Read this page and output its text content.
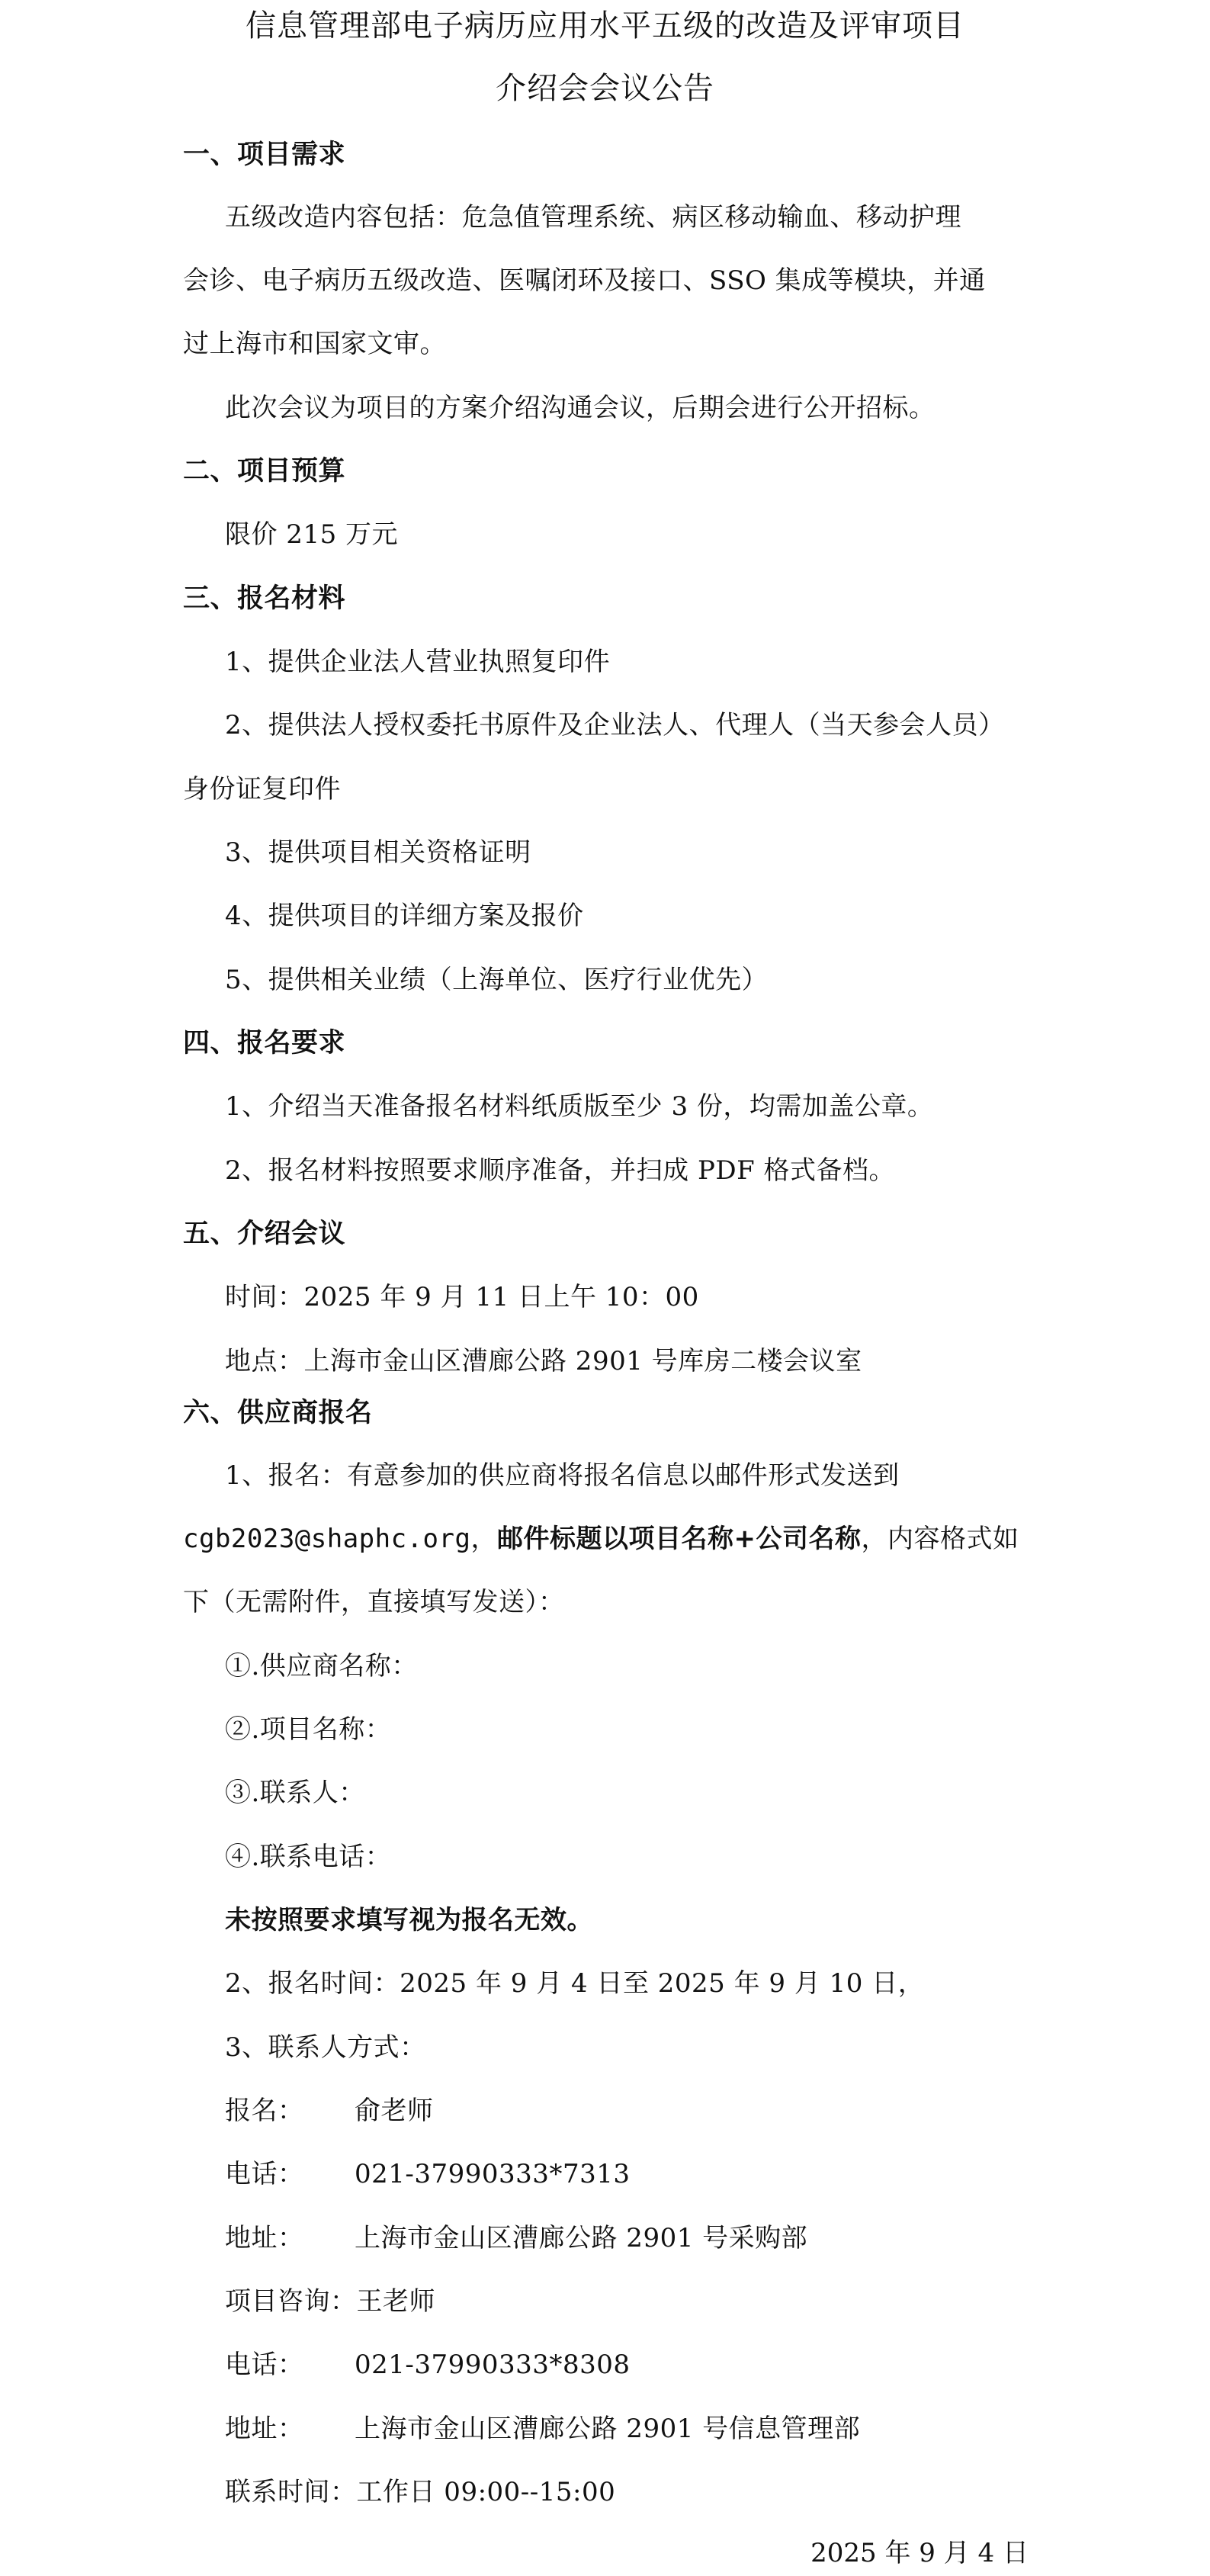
信息管理部电子病历应用水平五级的改造及评审项目
介绍会会议公告
一、项目需求
五级改造内容包括：危急值管理系统、病区移动输血、移动护理
会诊、电子病历五级改造、医嘱闭环及接口、SSO 集成等模块，并通
过上海市和国家文审。
此次会议为项目的方案介绍沟通会议，后期会进行公开招标。
二、项目预算
限价 215 万元
三、报名材料
1、提供企业法人营业执照复印件
2、提供法人授权委托书原件及企业法人、代理人（当天参会人员）
身份证复印件
3、提供项目相关资格证明
4、提供项目的详细方案及报价
5、提供相关业绩（上海单位、医疗行业优先）
四、报名要求
1、介绍当天准备报名材料纸质版至少 3 份，均需加盖公章。
2、报名材料按照要求顺序准备，并扫成 PDF 格式备档。
五、介绍会议
时间：2025 年 9 月 11 日上午 10：00
地点：上海市金山区漕廊公路 2901 号库房二楼会议室
六、供应商报名
1、报名：有意参加的供应商将报名信息以邮件形式发送到
cgb2023@shaphc.org，邮件标题以项目名称+公司名称，内容格式如
下（无需附件，直接填写发送）：
①.供应商名称：
②.项目名称：
③.联系人：
④.联系电话：
未按照要求填写视为报名无效。
2、报名时间：2025 年 9 月 4 日至 2025 年 9 月 10 日，
3、联系人方式：
报名： 俞老师
电话： 021-37990333*7313
地址： 上海市金山区漕廊公路 2901 号采购部
项目咨询：王老师
电话： 021-37990333*8308
地址： 上海市金山区漕廊公路 2901 号信息管理部
联系时间：工作日 09:00--15:00
2025 年 9 月 4 日
